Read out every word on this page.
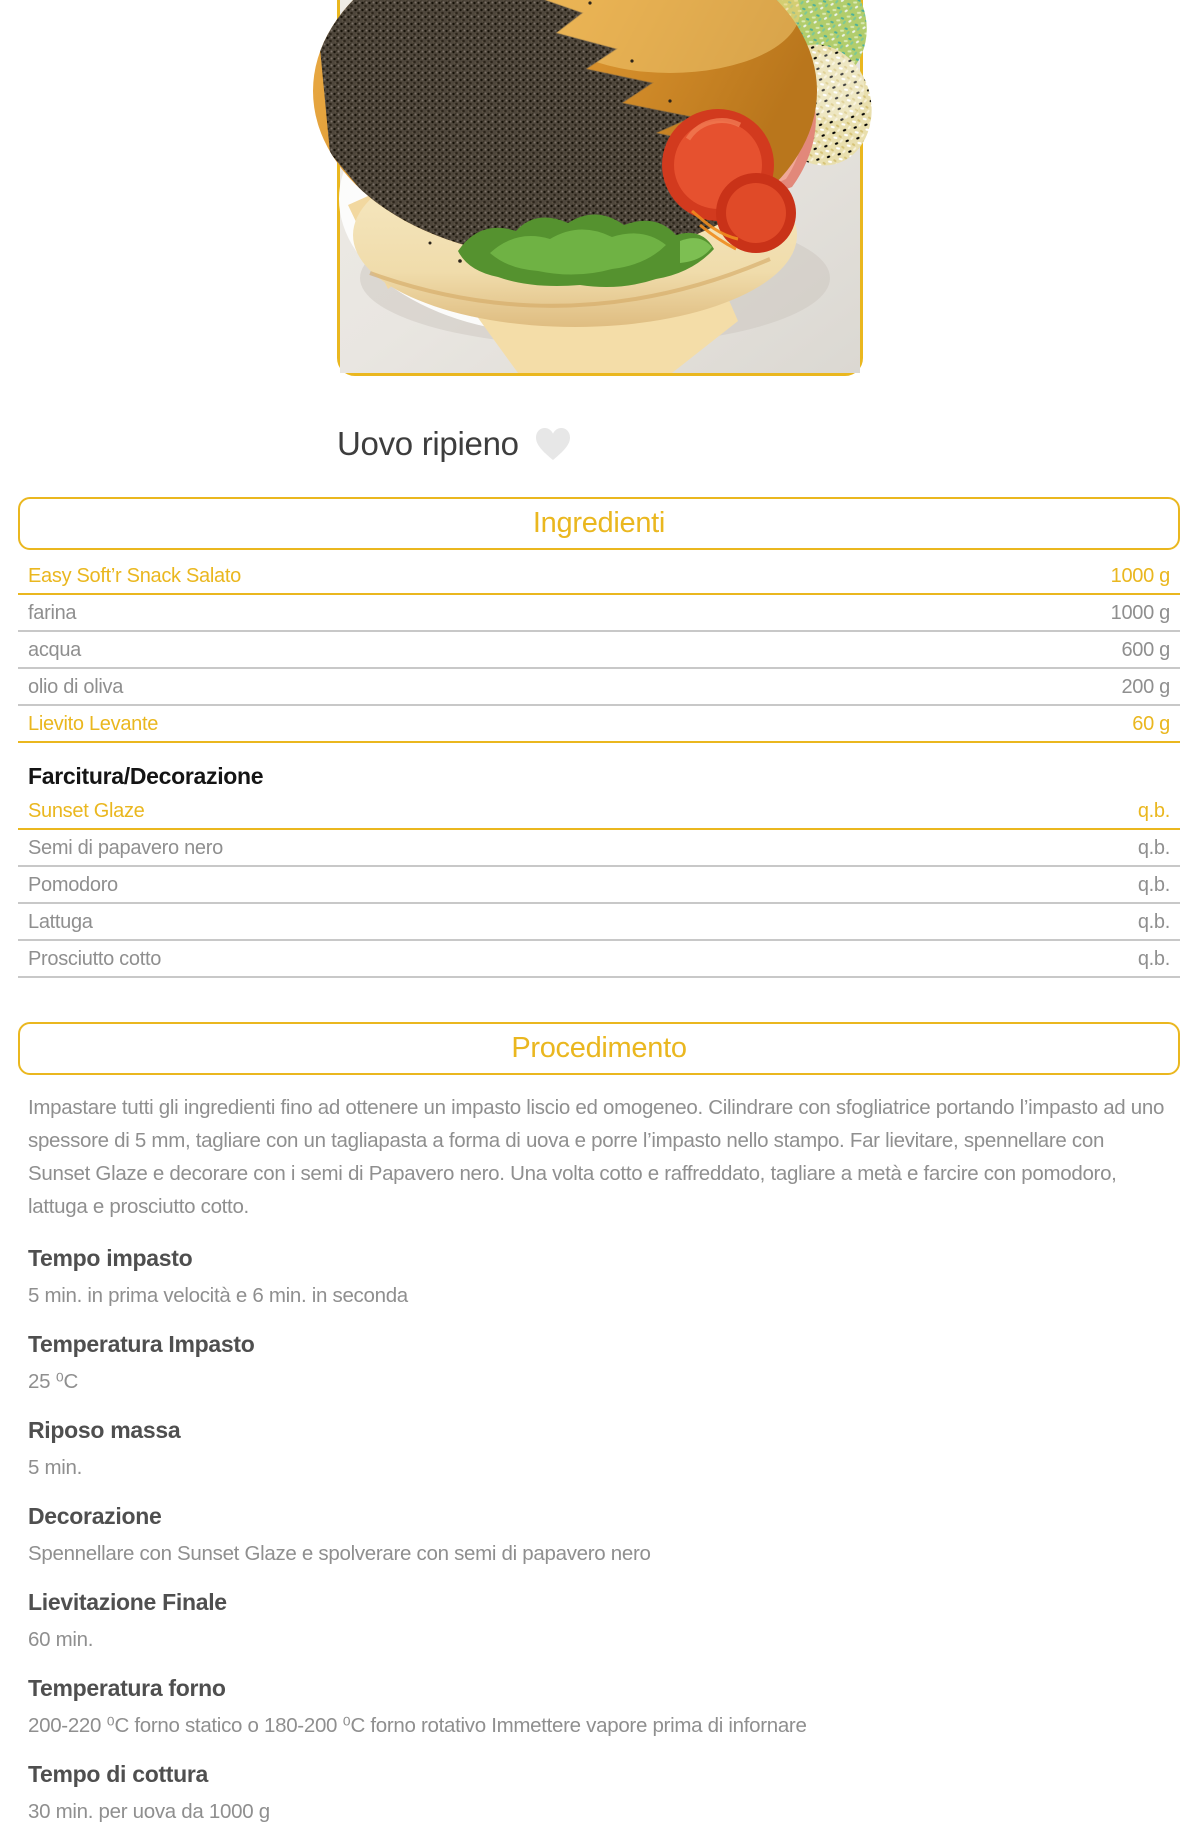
Uovo ripieno
Ingredienti
Easy Soft’r Snack Salato	1000 g
farina	1000 g
acqua	600 g
olio di oliva	200 g
Lievito Levante	60 g
Farcitura/Decorazione
Sunset Glaze	q.b.
Semi di papavero nero	q.b.
Pomodoro	q.b.
Lattuga	q.b.
Prosciutto cotto	q.b.
Procedimento

Impastare tutti gli ingredienti fino ad ottenere un impasto liscio ed omogeneo. Cilindrare con sfogliatrice portando l’impasto ad uno spessore di 5 mm, tagliare con un tagliapasta a forma di uova e porre l’impasto nello stampo. Far lievitare, spennellare con Sunset Glaze e decorare con i semi di Papavero nero. Una volta cotto e raffreddato, tagliare a metà e farcire con pomodoro, lattuga e prosciutto cotto.

Tempo impasto
5 min. in prima velocità e 6 min. in seconda
Temperatura Impasto
25 ⁰C
Riposo massa
5 min.
Decorazione
Spennellare con Sunset Glaze e spolverare con semi di papavero nero
Lievitazione Finale
60 min.
Temperatura forno
200-220 ⁰C forno statico o 180-200 ⁰C forno rotativo Immettere vapore prima di infornare
Tempo di cottura
30 min. per uova da 1000 g
